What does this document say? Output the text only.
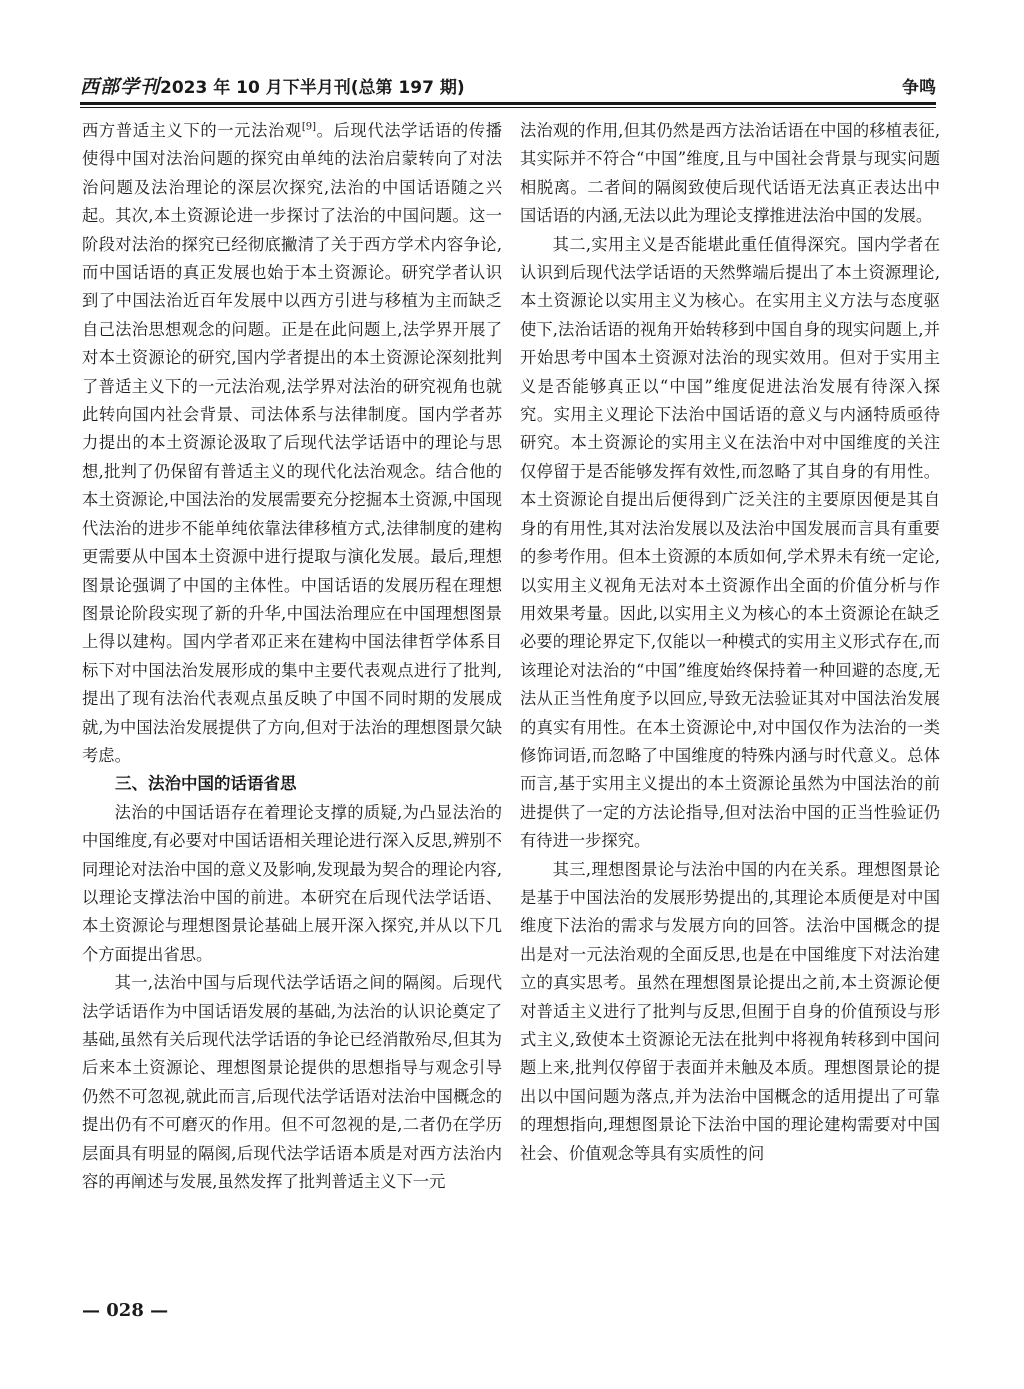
西部学刊 2023 年 10 月下半月刊(总第 197 期)	争鸣

西方普适主义下的一元法治观[9]。后现代法学话语的传播使得中国对法治问题的探究由单纯的法治启蒙转向了对法治问题及法治理论的深层次探究,法治的中国话语随之兴起。其次,本土资源论进一步探讨了法治的中国问题。这一阶段对法治的探究已经彻底撇清了关于西方学术内容争论,而中国话语的真正发展也始于本土资源论。研究学者认识到了中国法治近百年发展中以西方引进与移植为主而缺乏自己法治思想观念的问题。正是在此问题上,法学界开展了对本土资源论的研究,国内学者提出的本土资源论深刻批判了普适主义下的一元法治观,法学界对法治的研究视角也就此转向国内社会背景、司法体系与法律制度。国内学者苏力提出的本土资源论汲取了后现代法学话语中的理论与思想,批判了仍保留有普适主义的现代化法治观念。结合他的本土资源论,中国法治的发展需要充分挖掘本土资源,中国现代法治的进步不能单纯依靠法律移植方式,法律制度的建构更需要从中国本土资源中进行提取与演化发展。最后,理想图景论强调了中国的主体性。中国话语的发展历程在理想图景论阶段实现了新的升华,中国法治理应在中国理想图景上得以建构。国内学者邓正来在建构中国法律哲学体系目标下对中国法治发展形成的集中主要代表观点进行了批判,提出了现有法治代表观点虽反映了中国不同时期的发展成就,为中国法治发展提供了方向,但对于法治的理想图景欠缺考虑。

三、法治中国的话语省思

法治的中国话语存在着理论支撑的质疑,为凸显法治的中国维度,有必要对中国话语相关理论进行深入反思,辨别不同理论对法治中国的意义及影响,发现最为契合的理论内容,以理论支撑法治中国的前进。本研究在后现代法学话语、本土资源论与理想图景论基础上展开深入探究,并从以下几个方面提出省思。

其一,法治中国与后现代法学话语之间的隔阂。后现代法学话语作为中国话语发展的基础,为法治的认识论奠定了基础,虽然有关后现代法学话语的争论已经消散殆尽,但其为后来本土资源论、理想图景论提供的思想指导与观念引导仍然不可忽视,就此而言,后现代法学话语对法治中国概念的提出仍有不可磨灭的作用。但不可忽视的是,二者仍在学历层面具有明显的隔阂,后现代法学话语本质是对西方法治内容的再阐述与发展,虽然发挥了批判普适主义下一元

法治观的作用,但其仍然是西方法治话语在中国的移植表征,其实际并不符合“中国”维度,且与中国社会背景与现实问题相脱离。二者间的隔阂致使后现代话语无法真正表达出中国话语的内涵,无法以此为理论支撑推进法治中国的发展。

其二,实用主义是否能堪此重任值得深究。国内学者在认识到后现代法学话语的天然弊端后提出了本土资源理论,本土资源论以实用主义为核心。在实用主义方法与态度驱使下,法治话语的视角开始转移到中国自身的现实问题上,并开始思考中国本土资源对法治的现实效用。但对于实用主义是否能够真正以“中国”维度促进法治发展有待深入探究。实用主义理论下法治中国话语的意义与内涵特质亟待研究。本土资源论的实用主义在法治中对中国维度的关注仅停留于是否能够发挥有效性,而忽略了其自身的有用性。本土资源论自提出后便得到广泛关注的主要原因便是其自身的有用性,其对法治发展以及法治中国发展而言具有重要的参考作用。但本土资源的本质如何,学术界未有统一定论,以实用主义视角无法对本土资源作出全面的价值分析与作用效果考量。因此,以实用主义为核心的本土资源论在缺乏必要的理论界定下,仅能以一种模式的实用主义形式存在,而该理论对法治的“中国”维度始终保持着一种回避的态度,无法从正当性角度予以回应,导致无法验证其对中国法治发展的真实有用性。在本土资源论中,对中国仅作为法治的一类修饰词语,而忽略了中国维度的特殊内涵与时代意义。总体而言,基于实用主义提出的本土资源论虽然为中国法治的前进提供了一定的方法论指导,但对法治中国的正当性验证仍有待进一步探究。

其三,理想图景论与法治中国的内在关系。理想图景论是基于中国法治的发展形势提出的,其理论本质便是对中国维度下法治的需求与发展方向的回答。法治中国概念的提出是对一元法治观的全面反思,也是在中国维度下对法治建立的真实思考。虽然在理想图景论提出之前,本土资源论便对普适主义进行了批判与反思,但囿于自身的价值预设与形式主义,致使本土资源论无法在批判中将视角转移到中国问题上来,批判仅停留于表面并未触及本质。理想图景论的提出以中国问题为落点,并为法治中国概念的适用提出了可靠的理想指向,理想图景论下法治中国的理论建构需要对中国社会、价值观念等具有实质性的问

— 028 —
